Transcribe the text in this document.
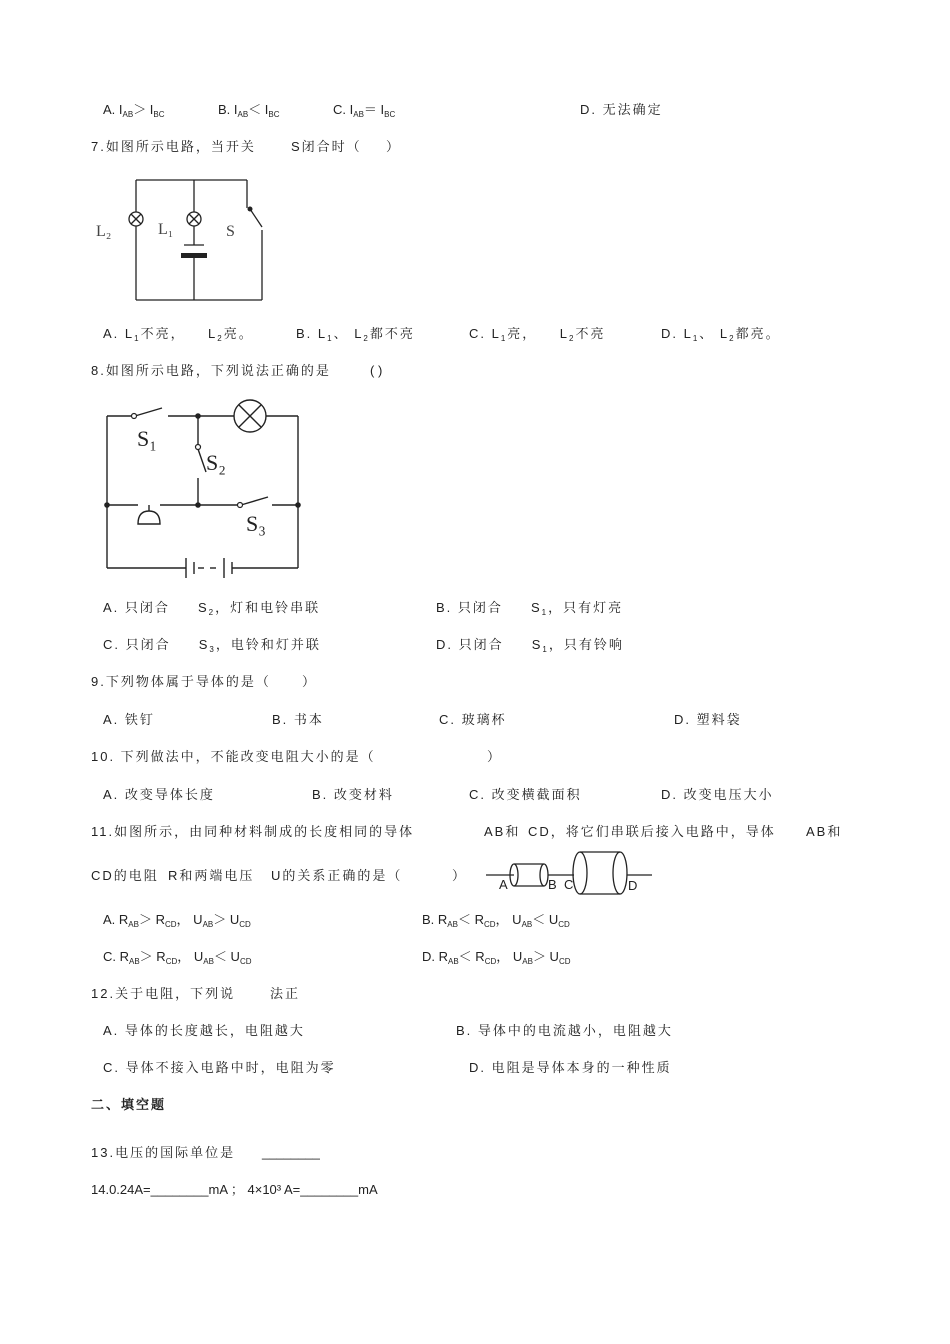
A. $I_{AB}> I_{BC}$	B. $I_{AB}< I_{BC}$	C. $I_{AB}= I_{BC}$	D. 无法确定
7.如图所示电路，当开关	S闭合时（ ）
L₂	L₁	S
A. $L_1$不亮， $L_2$亮。	B. $L_1$、 $L_2$都不亮	C. $L_1$亮， $L_2$不亮	D. $L_1$、 $L_2$都亮。
8.如图所示电路，下列说法正确的是	( )
S₁
S₂
S₃
A. 只闭合 $S_2$，灯和电铃串联	B. 只闭合 $S_1$，只有灯亮
C. 只闭合 $S_3$，电铃和灯并联	D. 只闭合 $S_1$，只有铃响
9.下列物体属于导体的是（ ）
A. 铁钉	B. 书本	C. 玻璃杯	D. 塑料袋
10. 下列做法中，不能改变电阻大小的是（	）
A. 改变导体长度	B. 改变材料	C. 改变横截面积	D. 改变电压大小
11.如图所示，由同种材料制成的长度相同的导体	AB和 CD，将它们串联后接入电路中，导体 AB和
CD的电阻 R和两端电压 U的关系正确的是（	）
A	B C	D
A. $R_{AB}> R_{CD}$， $U_{AB}> U_{CD}$	B. $R_{AB}< R_{CD}$， $U_{AB}< U_{CD}$
C. $R_{AB}> R_{CD}$， $U_{AB}< U_{CD}$	D. $R_{AB}< R_{CD}$， $U_{AB}> U_{CD}$
12.关于电阻，下列说	法正
A. 导体的长度越长，电阻越大	B. 导体中的电流越小，电阻越大
C. 导体不接入电路中时，电阻为零	D. 电阻是导体本身的一种性质
二、填空题
13.电压的国际单位是 ________
14.0.24A=________mA ； 4×10³ A=________mA
